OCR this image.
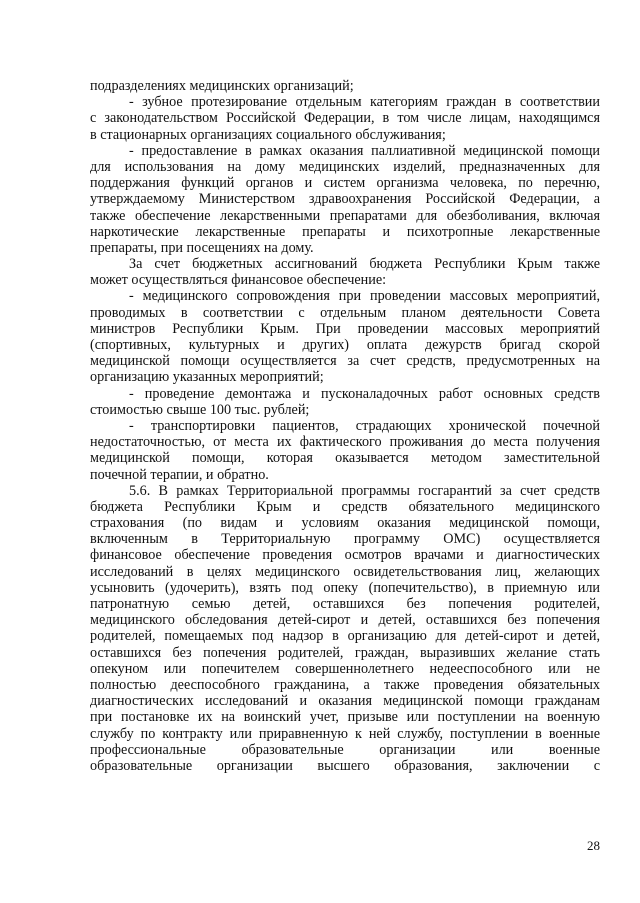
подразделениях медицинских организаций;
- зубное протезирование отдельным категориям граждан в соответствии
с законодательством Российской Федерации, в том числе лицам, находящимся
в стационарных организациях социального обслуживания;
- предоставление в рамках оказания паллиативной медицинской помощи
для использования на дому медицинских изделий, предназначенных для
поддержания функций органов и систем организма человека, по перечню,
утверждаемому Министерством здравоохранения Российской Федерации, а
также обеспечение лекарственными препаратами для обезболивания, включая
наркотические лекарственные препараты и психотропные лекарственные
препараты, при посещениях на дому.
За счет бюджетных ассигнований бюджета Республики Крым также
может осуществляться финансовое обеспечение:
- медицинского сопровождения при проведении массовых мероприятий,
проводимых в соответствии с отдельным планом деятельности Совета
министров Республики Крым. При проведении массовых мероприятий
(спортивных, культурных и других) оплата дежурств бригад скорой
медицинской помощи осуществляется за счет средств, предусмотренных на
организацию указанных мероприятий;
- проведение демонтажа и пусконаладочных работ основных средств
стоимостью свыше 100 тыс. рублей;
- транспортировки пациентов, страдающих хронической почечной
недостаточностью, от места их фактического проживания до места получения
медицинской помощи, которая оказывается методом заместительной
почечной терапии, и обратно.
5.6. В рамках Территориальной программы госгарантий за счет средств
бюджета Республики Крым и средств обязательного медицинского
страхования (по видам и условиям оказания медицинской помощи,
включенным в Территориальную программу ОМС) осуществляется
финансовое обеспечение проведения осмотров врачами и диагностических
исследований в целях медицинского освидетельствования лиц, желающих
усыновить (удочерить), взять под опеку (попечительство), в приемную или
патронатную семью детей, оставшихся без попечения родителей,
медицинского обследования детей-сирот и детей, оставшихся без попечения
родителей, помещаемых под надзор в организацию для детей-сирот и детей,
оставшихся без попечения родителей, граждан, выразивших желание стать
опекуном или попечителем совершеннолетнего недееспособного или не
полностью дееспособного гражданина, а также проведения обязательных
диагностических исследований и оказания медицинской помощи гражданам
при постановке их на воинский учет, призыве или поступлении на военную
службу по контракту или приравненную к ней службу, поступлении в военные
профессиональные образовательные организации или военные
образовательные организации высшего образования, заключении с
28
